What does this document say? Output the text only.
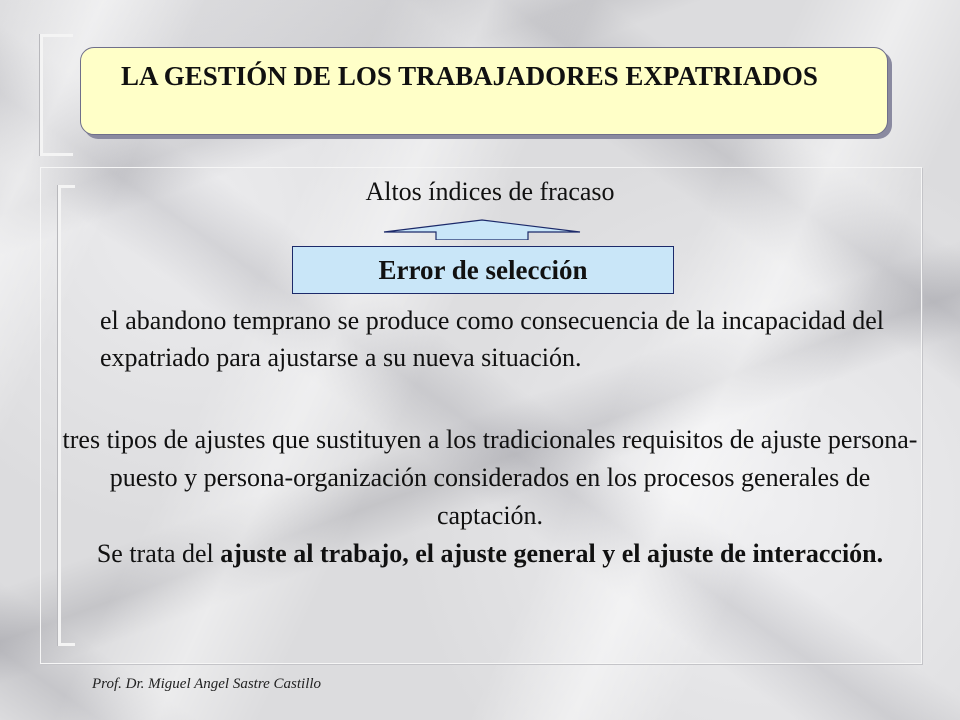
LA GESTIÓN DE LOS TRABAJADORES EXPATRIADOS
Altos índices de fracaso
Error de selección
el abandono temprano se produce como consecuencia de la incapacidad del expatriado para ajustarse a su nueva situación.
tres tipos de ajustes que sustituyen a los tradicionales requisitos de ajuste persona-puesto y persona-organización considerados en los procesos generales de captación.
Se trata del ajuste al trabajo, el ajuste general y el ajuste de interacción.
Prof. Dr. Miguel Angel Sastre Castillo
